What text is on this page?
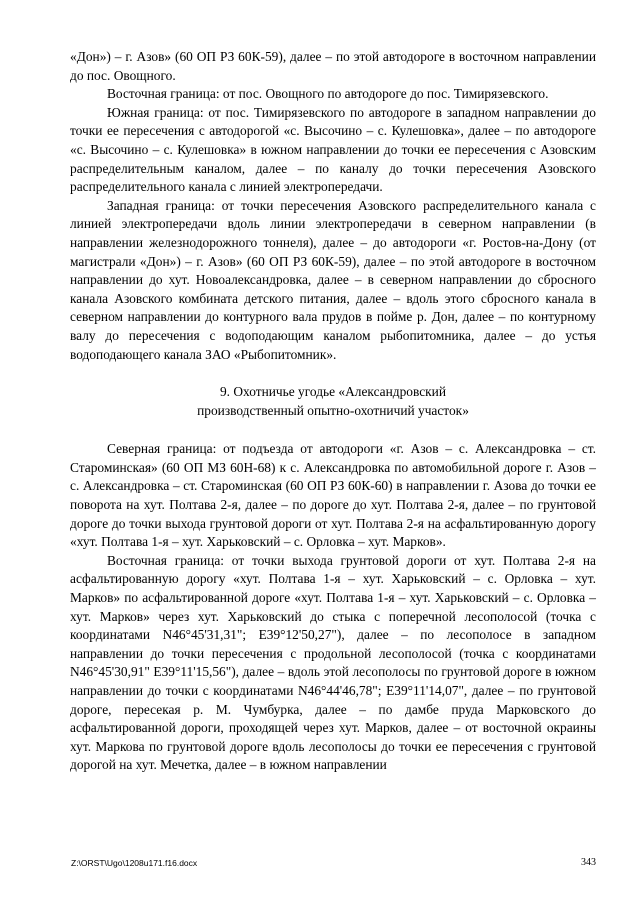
«Дон») – г. Азов» (60 ОП РЗ 60К-59), далее – по этой автодороге в восточном направлении до пос. Овощного.

Восточная граница: от пос. Овощного по автодороге до пос. Тимирязевского.

Южная граница: от пос. Тимирязевского по автодороге в западном направлении до точки ее пересечения с автодорогой «с. Высочино – с. Кулешовка», далее – по автодороге «с. Высочино – с. Кулешовка» в южном направлении до точки ее пересечения с Азовским распределительным каналом, далее – по каналу до точки пересечения Азовского распределительного канала с линией электропередачи.

Западная граница: от точки пересечения Азовского распределительного канала с линией электропередачи вдоль линии электропередачи в северном направлении (в направлении железнодорожного тоннеля), далее – до автодороги «г. Ростов-на-Дону (от магистрали «Дон») – г. Азов» (60 ОП РЗ 60К-59), далее – по этой автодороге в восточном направлении до хут. Новоалександровка, далее – в северном направлении до сбросного канала Азовского комбината детского питания, далее – вдоль этого сбросного канала в северном направлении до контурного вала прудов в пойме р. Дон, далее – по контурному валу до пересечения с водоподающим каналом рыбопитомника, далее – до устья водоподающего канала ЗАО «Рыбопитомник».

9. Охотничье угодье «Александровский
производственный опытно-охотничий участок»

Северная граница: от подъезда от автодороги «г. Азов – с. Александровка – ст. Староминская» (60 ОП МЗ 60Н-68) к с. Александровка по автомобильной дороге г. Азов – с. Александровка – ст. Староминская (60 ОП РЗ 60К-60) в направлении г. Азова до точки ее поворота на хут. Полтава 2-я, далее – по дороге до хут. Полтава 2-я, далее – по грунтовой дороге до точки выхода грунтовой дороги от хут. Полтава 2-я на асфальтированную дорогу «хут. Полтава 1-я – хут. Харьковский – с. Орловка – хут. Марков».

Восточная граница: от точки выхода грунтовой дороги от хут. Полтава 2-я на асфальтированную дорогу «хут. Полтава 1-я – хут. Харьковский – с. Орловка – хут. Марков» по асфальтированной дороге «хут. Полтава 1-я – хут. Харьковский – с. Орловка – хут. Марков» через хут. Харьковский до стыка с поперечной лесополосой (точка с координатами N46°45'31,31"; E39°12'50,27"), далее – по лесополосе в западном направлении до точки пересечения с продольной лесополосой (точка с координатами N46°45'30,91" E39°11'15,56"), далее – вдоль этой лесополосы по грунтовой дороге в южном направлении до точки с координатами N46°44'46,78"; E39°11'14,07", далее – по грунтовой дороге, пересекая р. М. Чумбурка, далее – по дамбе пруда Марковского до асфальтированной дороги, проходящей через хут. Марков, далее – от восточной окраины хут. Маркова по грунтовой дороге вдоль лесополосы до точки ее пересечения с грунтовой дорогой на хут. Мечетка, далее – в южном направлении

Z:\ORST\Ugo\1208u171.f16.docx	343
